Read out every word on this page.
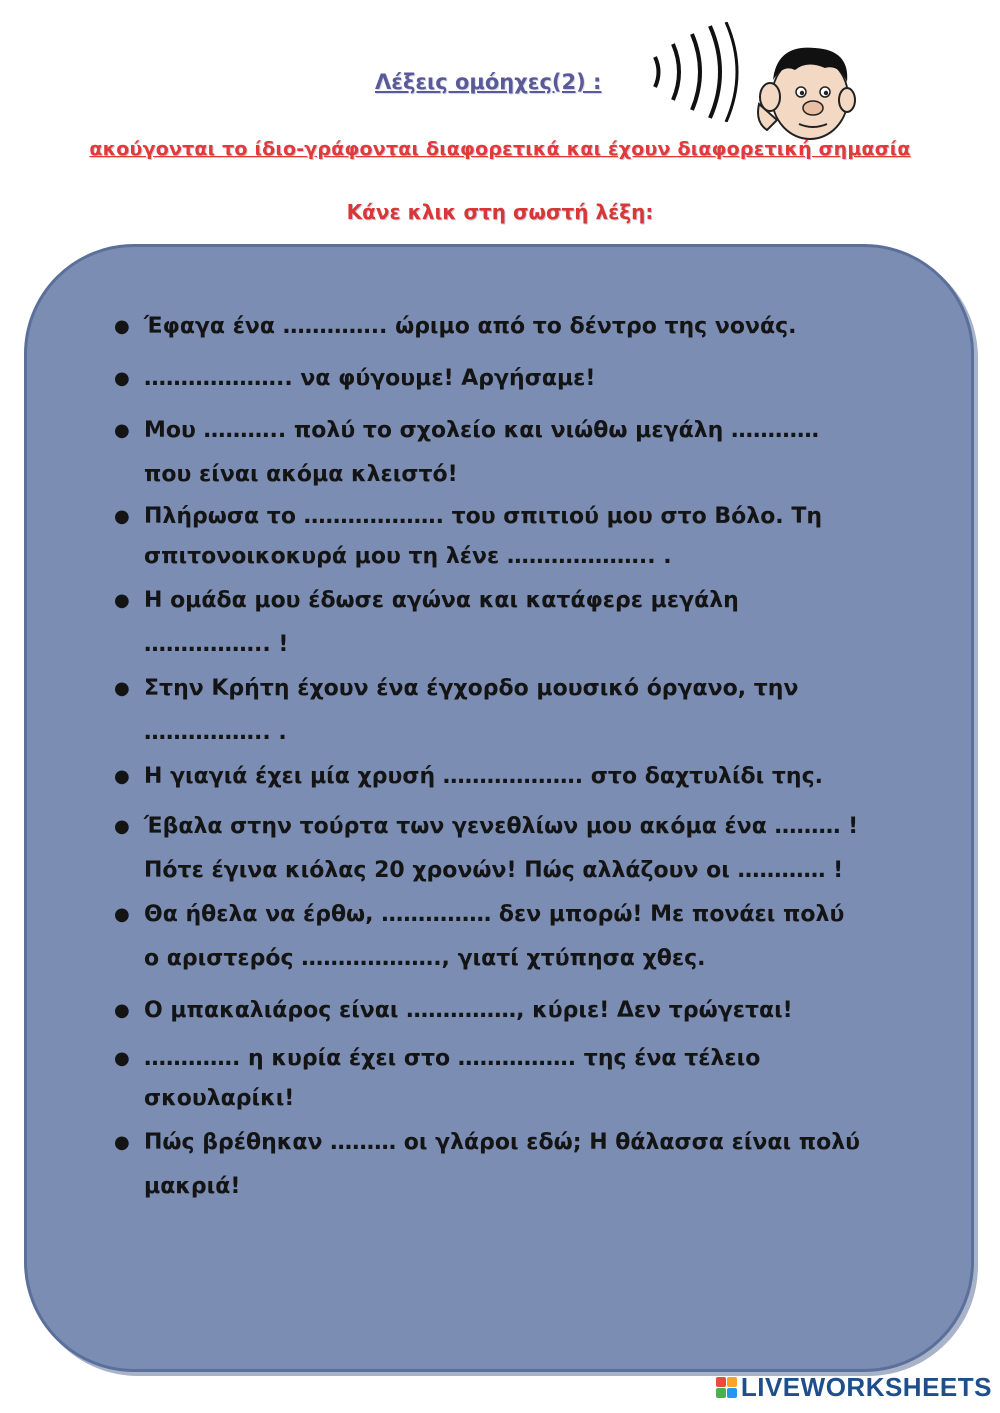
Λέξεις ομόηχες(2) :

ακούγονται το ίδιο-γράφονται διαφορετικά και έχουν διαφορετική σημασία

Κάνε κλικ στη σωστή λέξη:

● Έφαγα ένα ………….. ώριμο από το δέντρο της νονάς.
● ……………….. να φύγουμε! Αργήσαμε!
● Μου ……….. πολύ το σχολείο και νιώθω μεγάλη …………
που είναι ακόμα κλειστό!
● Πλήρωσα το ………………. του σπιτιού μου στο Βόλο. Τη
σπιτονοικοκυρά μου τη λένε ……………….. .
● Η ομάδα μου έδωσε αγώνα και κατάφερε μεγάλη
…………….. !
● Στην Κρήτη έχουν ένα έγχορδο μουσικό όργανο, την
…………….. .
● Η γιαγιά έχει μία χρυσή ………………. στο δαχτυλίδι της.
● Έβαλα στην τούρτα των γενεθλίων μου ακόμα ένα ……… !
Πότε έγινα κιόλας 20 χρονών! Πώς αλλάζουν οι ………… !
● Θα ήθελα να έρθω, …………… δεν μπορώ! Με πονάει πολύ
ο αριστερός ………………., γιατί χτύπησα χθες.
● Ο μπακαλιάρος είναι ……………, κύριε! Δεν τρώγεται!
● …………. η κυρία έχει στο ……………. της ένα τέλειο
σκουλαρίκι!
● Πώς βρέθηκαν ……… οι γλάροι εδώ; Η θάλασσα είναι πολύ
μακριά!
LIVEWORKSHEETS
